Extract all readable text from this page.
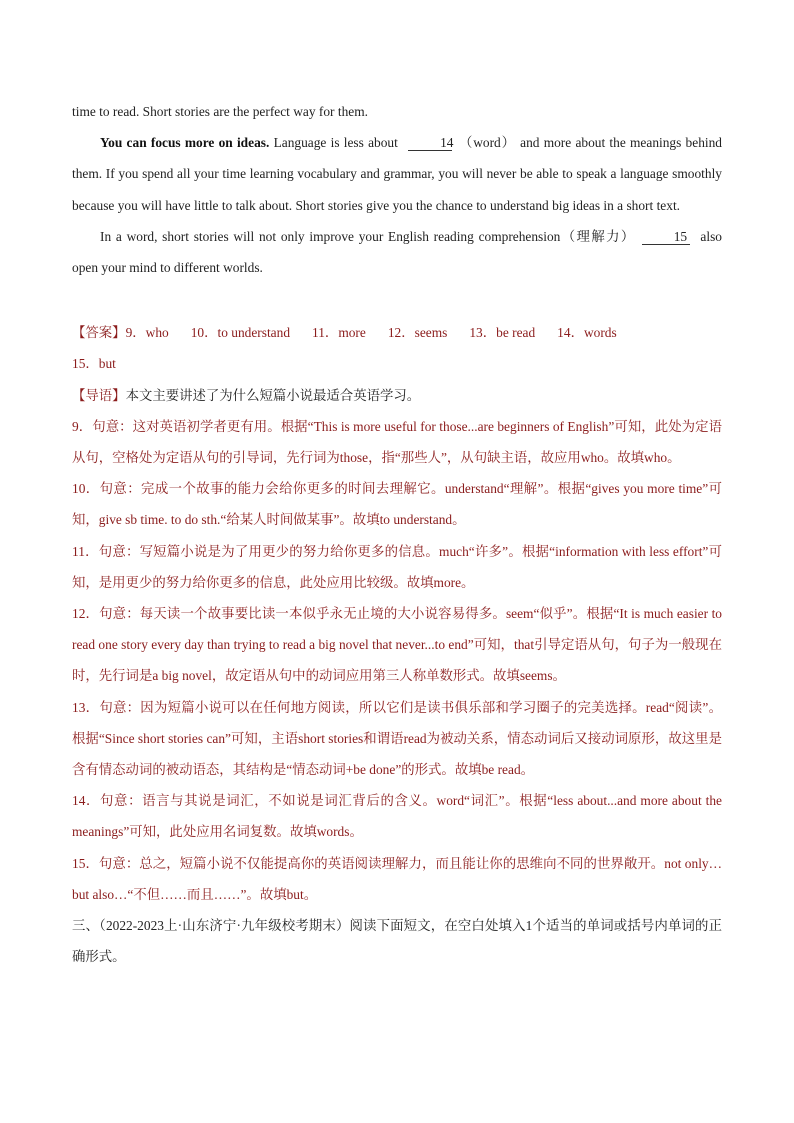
time to read. Short stories are the perfect way for them.

You can focus more on ideas. Language is less about	14 （word） and more about the meanings behind them. If you spend all your time learning vocabulary and grammar, you will never be able to speak a language smoothly because you will have little to talk about. Short stories give you the chance to understand big ideas in a short text.

In a word, short stories will not only improve your English reading comprehension（理解力）	15 also open your mind to different worlds.

【答案】9．who 10．to understand 11．more 12．seems 13．be read 14．words

15．but

【导语】本文主要讲述了为什么短篇小说最适合英语学习。

9．句意：这对英语初学者更有用。根据“This is more useful for those...are beginners of English”可知，此处为定语从句，空格处为定语从句的引导词，先行词为those，指“那些人”，从句缺主语，故应用who。故填who。

10．句意：完成一个故事的能力会给你更多的时间去理解它。understand“理解”。根据“gives you more time”可知，give sb time. to do sth.“给某人时间做某事”。故填to understand。

11．句意：写短篇小说是为了用更少的努力给你更多的信息。much“许多”。根据“information with less effort”可知，是用更少的努力给你更多的信息，此处应用比较级。故填more。

12．句意：每天读一个故事要比读一本似乎永无止境的大小说容易得多。seem“似乎”。根据“It is much easier to read one story every day than trying to read a big novel that never...to end”可知，that引导定语从句，句子为一般现在时，先行词是a big novel，故定语从句中的动词应用第三人称单数形式。故填seems。

13．句意：因为短篇小说可以在任何地方阅读，所以它们是读书俱乐部和学习圈子的完美选择。read“阅读”。根据“Since short stories can”可知，主语short stories和谓语read为被动关系，情态动词后又接动词原形，故这里是含有情态动词的被动语态，其结构是“情态动词+be done”的形式。故填be read。

14．句意：语言与其说是词汇，不如说是词汇背后的含义。word“词汇”。根据“less about...and more about the meanings”可知，此处应用名词复数。故填words。

15．句意：总之，短篇小说不仅能提高你的英语阅读理解力，而且能让你的思维向不同的世界敞开。not only…but also…“不但……而且……”。故填but。

三、（2022-2023上·山东济宁·九年级校考期末）阅读下面短文，在空白处填入1个适当的单词或括号内单词的正确形式。
